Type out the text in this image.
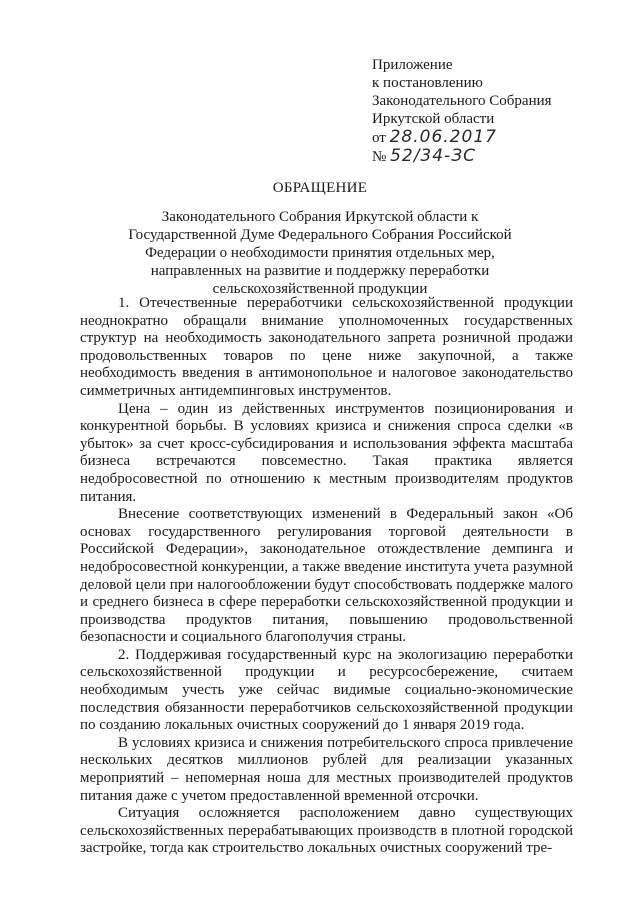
Приложение
к постановлению
Законодательного Собрания
Иркутской области
от 28.06.2017
№ 52/34-ЗС
ОБРАЩЕНИЕ
Законодательного Собрания Иркутской области к Государственной Думе Федерального Собрания Российской Федерации о необходимости принятия отдельных мер, направленных на развитие и поддержку переработки сельскохозяйственной продукции

1. Отечественные переработчики сельскохозяйственной продукции неоднократно обращали внимание уполномоченных государственных структур на необходимость законодательного запрета розничной продажи продовольственных товаров по цене ниже закупочной, а также необходимость введения в антимонопольное и налоговое законодательство симметричных антидемпинговых инструментов.

Цена – один из действенных инструментов позиционирования и конкурентной борьбы. В условиях кризиса и снижения спроса сделки «в убыток» за счет кросс-субсидирования и использования эффекта масштаба бизнеса встречаются повсеместно. Такая практика является недобросовестной по отношению к местным производителям продуктов питания.

Внесение соответствующих изменений в Федеральный закон «Об основах государственного регулирования торговой деятельности в Российской Федерации», законодательное отождествление демпинга и недобросовестной конкуренции, а также введение института учета разумной деловой цели при налогообложении будут способствовать поддержке малого и среднего бизнеса в сфере переработки сельскохозяйственной продукции и производства продуктов питания, повышению продовольственной безопасности и социального благополучия страны.

2. Поддерживая государственный курс на экологизацию переработки сельскохозяйственной продукции и ресурсосбережение, считаем необходимым учесть уже сейчас видимые социально-экономические последствия обязанности переработчиков сельскохозяйственной продукции по созданию локальных очистных сооружений до 1 января 2019 года.

В условиях кризиса и снижения потребительского спроса привлечение нескольких десятков миллионов рублей для реализации указанных мероприятий – непомерная ноша для местных производителей продуктов питания даже с учетом предоставленной временной отсрочки.

Ситуация осложняется расположением давно существующих сельскохозяйственных перерабатывающих производств в плотной городской застройке, тогда как строительство локальных очистных сооружений тре-
